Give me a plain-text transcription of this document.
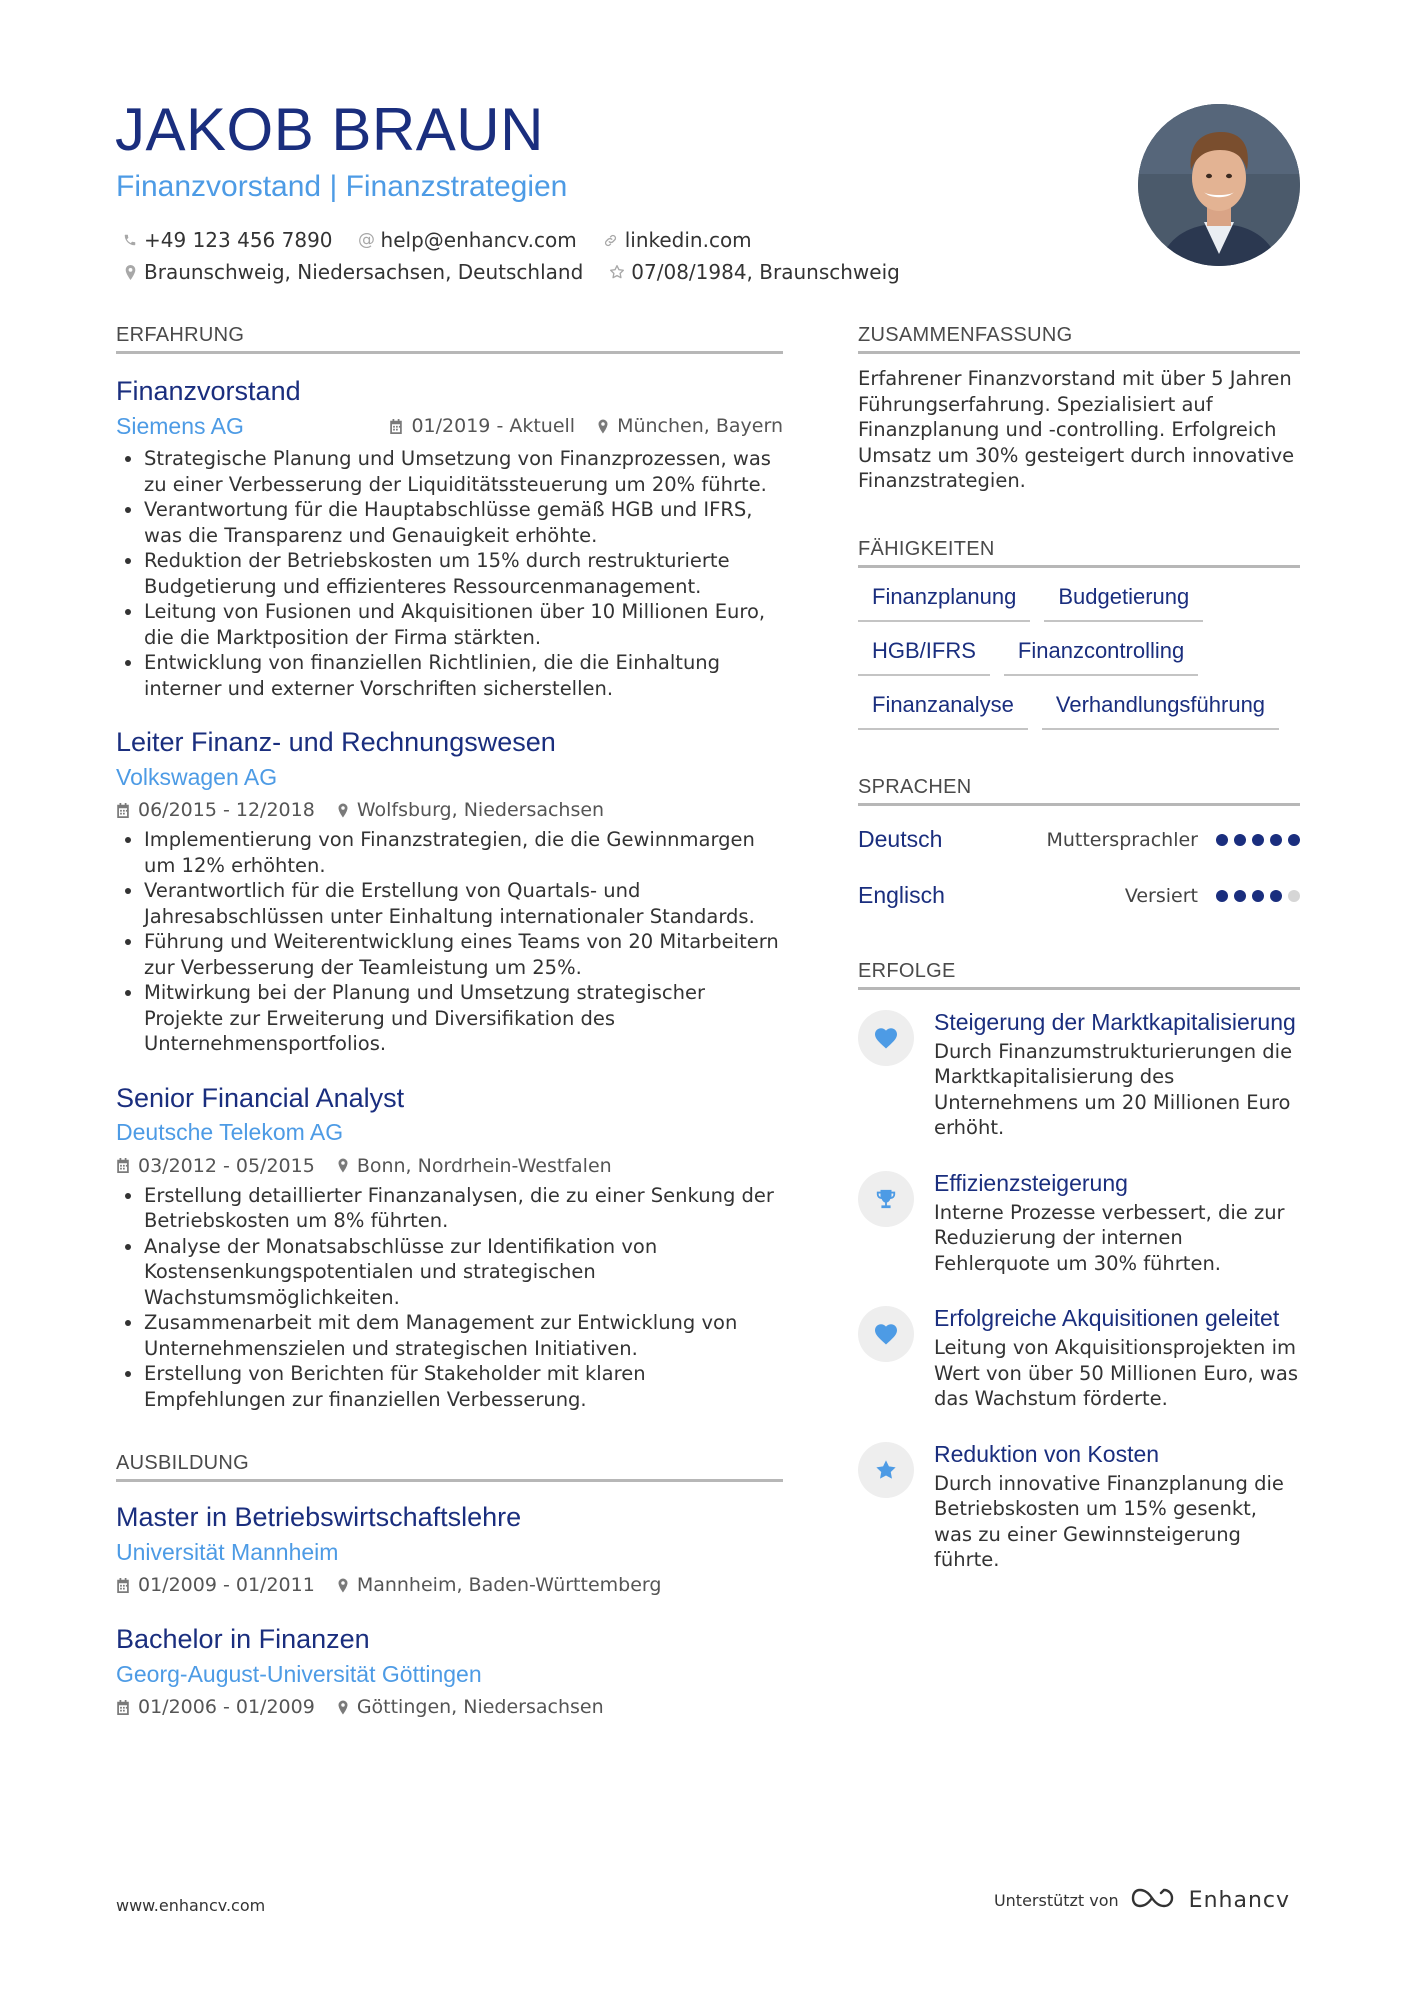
JAKOB BRAUN
Finanzvorstand | Finanzstrategien
+49 123 456 7890 @ help@enhancv.com linkedin.com
Braunschweig, Niedersachsen, Deutschland 07/08/1984, Braunschweig
ERFAHRUNG
Finanzvorstand
Siemens AG	01/2019 - Aktuell München, Bayern
• Strategische Planung und Umsetzung von Finanzprozessen, was zu einer Verbesserung der Liquiditätssteuerung um 20% führte.
• Verantwortung für die Hauptabschlüsse gemäß HGB und IFRS, was die Transparenz und Genauigkeit erhöhte.
• Reduktion der Betriebskosten um 15% durch restrukturierte Budgetierung und effizienteres Ressourcenmanagement.
• Leitung von Fusionen und Akquisitionen über 10 Millionen Euro, die die Marktposition der Firma stärkten.
• Entwicklung von finanziellen Richtlinien, die die Einhaltung interner und externer Vorschriften sicherstellen.
Leiter Finanz- und Rechnungswesen
Volkswagen AG
06/2015 - 12/2018 Wolfsburg, Niedersachsen
• Implementierung von Finanzstrategien, die die Gewinnmargen um 12% erhöhten.
• Verantwortlich für die Erstellung von Quartals- und Jahresabschlüssen unter Einhaltung internationaler Standards.
• Führung und Weiterentwicklung eines Teams von 20 Mitarbeitern zur Verbesserung der Teamleistung um 25%.
• Mitwirkung bei der Planung und Umsetzung strategischer Projekte zur Erweiterung und Diversifikation des Unternehmensportfolios.
Senior Financial Analyst
Deutsche Telekom AG
03/2012 - 05/2015 Bonn, Nordrhein-Westfalen
• Erstellung detaillierter Finanzanalysen, die zu einer Senkung der Betriebskosten um 8% führten.
• Analyse der Monatsabschlüsse zur Identifikation von Kostensenkungspotentialen und strategischen Wachstumsmöglichkeiten.
• Zusammenarbeit mit dem Management zur Entwicklung von Unternehmenszielen und strategischen Initiativen.
• Erstellung von Berichten für Stakeholder mit klaren Empfehlungen zur finanziellen Verbesserung.
AUSBILDUNG
Master in Betriebswirtschaftslehre
Universität Mannheim
01/2009 - 01/2011 Mannheim, Baden-Württemberg
Bachelor in Finanzen
Georg-August-Universität Göttingen
01/2006 - 01/2009 Göttingen, Niedersachsen
ZUSAMMENFASSUNG
Erfahrener Finanzvorstand mit über 5 Jahren Führungserfahrung. Spezialisiert auf Finanzplanung und -controlling. Erfolgreich Umsatz um 30% gesteigert durch innovative Finanzstrategien.
FÄHIGKEITEN
Finanzplanung	Budgetierung
HGB/IFRS	Finanzcontrolling
Finanzanalyse	Verhandlungsführung
SPRACHEN
Deutsch	Muttersprachler
Englisch	Versiert
ERFOLGE
Steigerung der Marktkapitalisierung
Durch Finanzumstrukturierungen die Marktkapitalisierung des Unternehmens um 20 Millionen Euro erhöht.
Effizienzsteigerung
Interne Prozesse verbessert, die zur Reduzierung der internen Fehlerquote um 30% führten.
Erfolgreiche Akquisitionen geleitet
Leitung von Akquisitionsprojekten im Wert von über 50 Millionen Euro, was das Wachstum förderte.
Reduktion von Kosten
Durch innovative Finanzplanung die Betriebskosten um 15% gesenkt, was zu einer Gewinnsteigerung führte.
www.enhancv.com	Unterstützt von	Enhancv
